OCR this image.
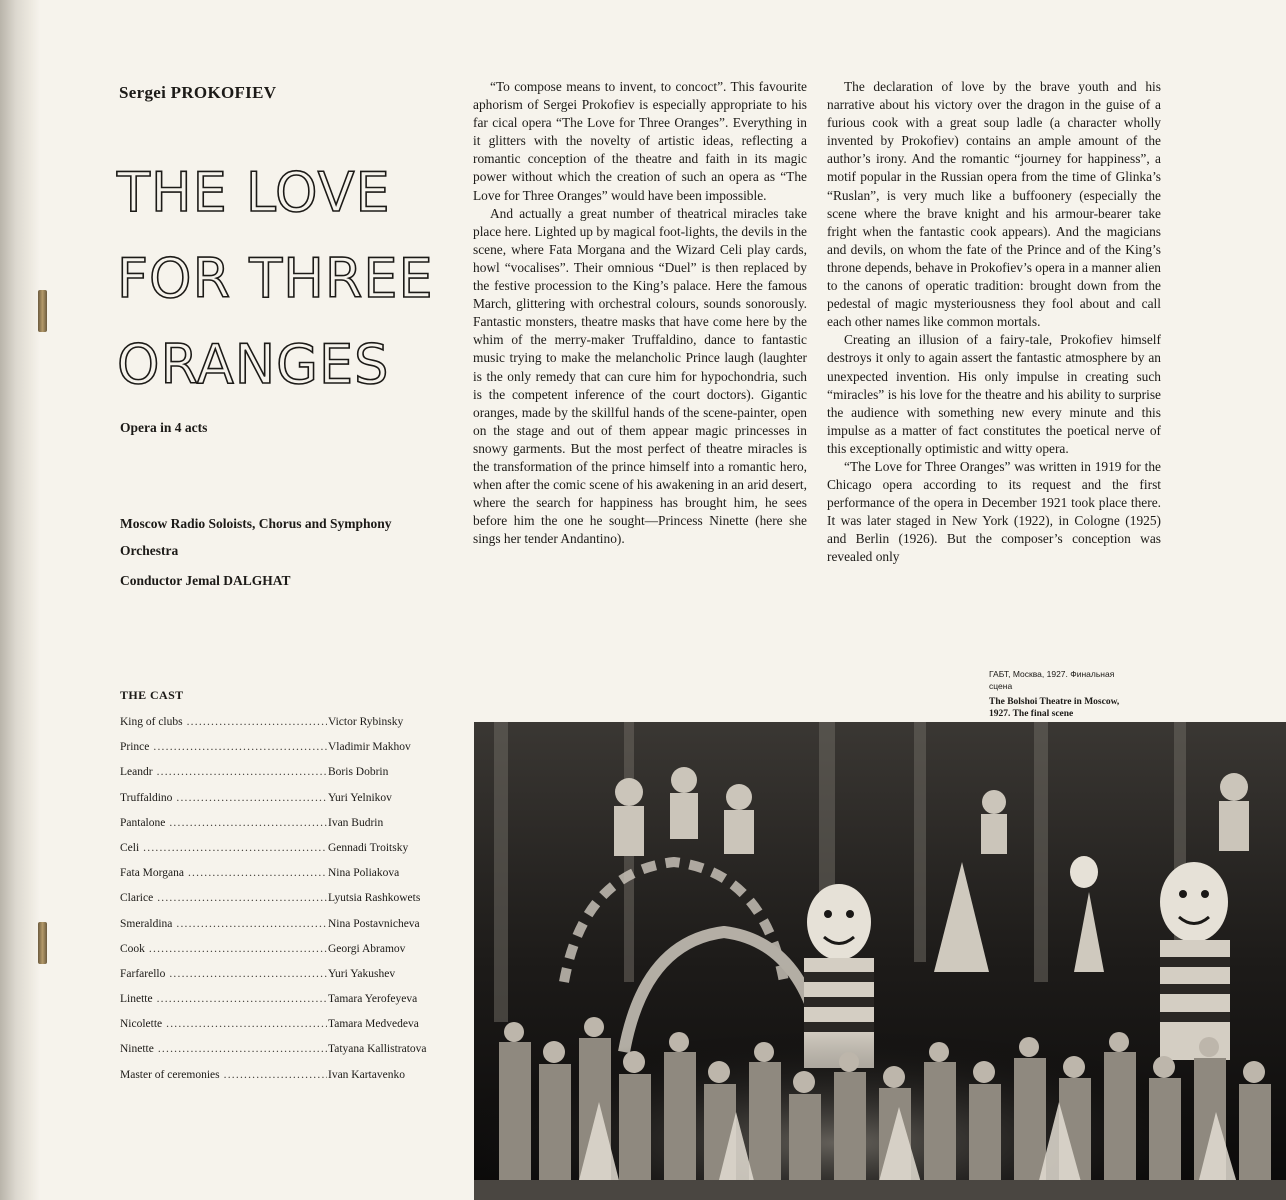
Sergei PROKOFIEV
THE LOVE
FOR THREE
ORANGES
Opera in 4 acts
Moscow Radio Soloists, Chorus and Symphony Orchestra
Conductor Jemal DALGHAT
THE CAST
King of clubs .....	Victor Rybinsky
Prince .....	Vladimir Makhov
Leandr .....	Boris Dobrin
Truffaldino .....	Yuri Yelnikov
Pantalone .....	Ivan Budrin
Celi .....	Gennadi Troitsky
Fata Morgana .....	Nina Poliakova
Clarice .....	Lyutsia Rashkowets
Smeraldina .....	Nina Postavnicheva
Cook .....	Georgi Abramov
Farfarello .....	Yuri Yakushev
Linette .....	Tamara Yerofeyeva
Nicolette .....	Tamara Medvedeva
Ninette .....	Tatyana Kallistratova
Master of ceremonies .....	Ivan Kartavenko

“To compose means to invent, to concoct”. This favourite aphorism of Sergei Prokofiev is especially appropriate to his far cical opera “The Love for Three Oranges”. Everything in it glitters with the novelty of artistic ideas, reflecting a romantic conception of the theatre and faith in its magic power without which the creation of such an opera as “The Love for Three Oranges” would have been impossible.

And actually a great number of theatrical miracles take place here. Lighted up by magical foot-lights, the devils in the scene, where Fata Morgana and the Wizard Celi play cards, howl “vocalises”. Their omnious “Duel” is then replaced by the festive procession to the King’s palace. Here the famous March, glittering with orchestral colours, sounds sonorously. Fantastic monsters, theatre masks that have come here by the whim of the merry-maker Truffaldino, dance to fantastic music trying to make the melancholic Prince laugh (laughter is the only remedy that can cure him for hypochondria, such is the competent inference of the court doctors). Gigantic oranges, made by the skillful hands of the scene-painter, open on the stage and out of them appear magic princesses in snowy garments. But the most perfect of theatre miracles is the transformation of the prince himself into a romantic hero, when after the comic scene of his awakening in an arid desert, where the search for happiness has brought him, he sees before him the one he sought—Princess Ninette (here she sings her tender Andantino).

The declaration of love by the brave youth and his narrative about his victory over the dragon in the guise of a furious cook with a great soup ladle (a character wholly invented by Prokofiev) contains an ample amount of the author’s irony. And the romantic “journey for happiness”, a motif popular in the Russian opera from the time of Glinka’s “Ruslan”, is very much like a buffoonery (especially the scene where the brave knight and his armour-bearer take fright when the fantastic cook appears). And the magicians and devils, on whom the fate of the Prince and of the King’s throne depends, behave in Prokofiev’s opera in a manner alien to the canons of operatic tradition: brought down from the pedestal of magic mysteriousness they fool about and call each other names like common mortals.

Creating an illusion of a fairy-tale, Prokofiev himself destroys it only to again assert the fantastic atmosphere by an unexpected invention. His only impulse in creating such “miracles” is his love for the theatre and his ability to surprise the audience with something new every minute and this impulse as a matter of fact constitutes the poetical nerve of this exceptionally optimistic and witty opera.

“The Love for Three Oranges” was written in 1919 for the Chicago opera according to its request and the first performance of the opera in December 1921 took place there. It was later staged in New York (1922), in Cologne (1925) and Berlin (1926). But the composer’s conception was revealed only

ГАБТ, Москва, 1927. Финальная сцена
The Bolshoi Theatre in Moscow, 1927. The final scene
